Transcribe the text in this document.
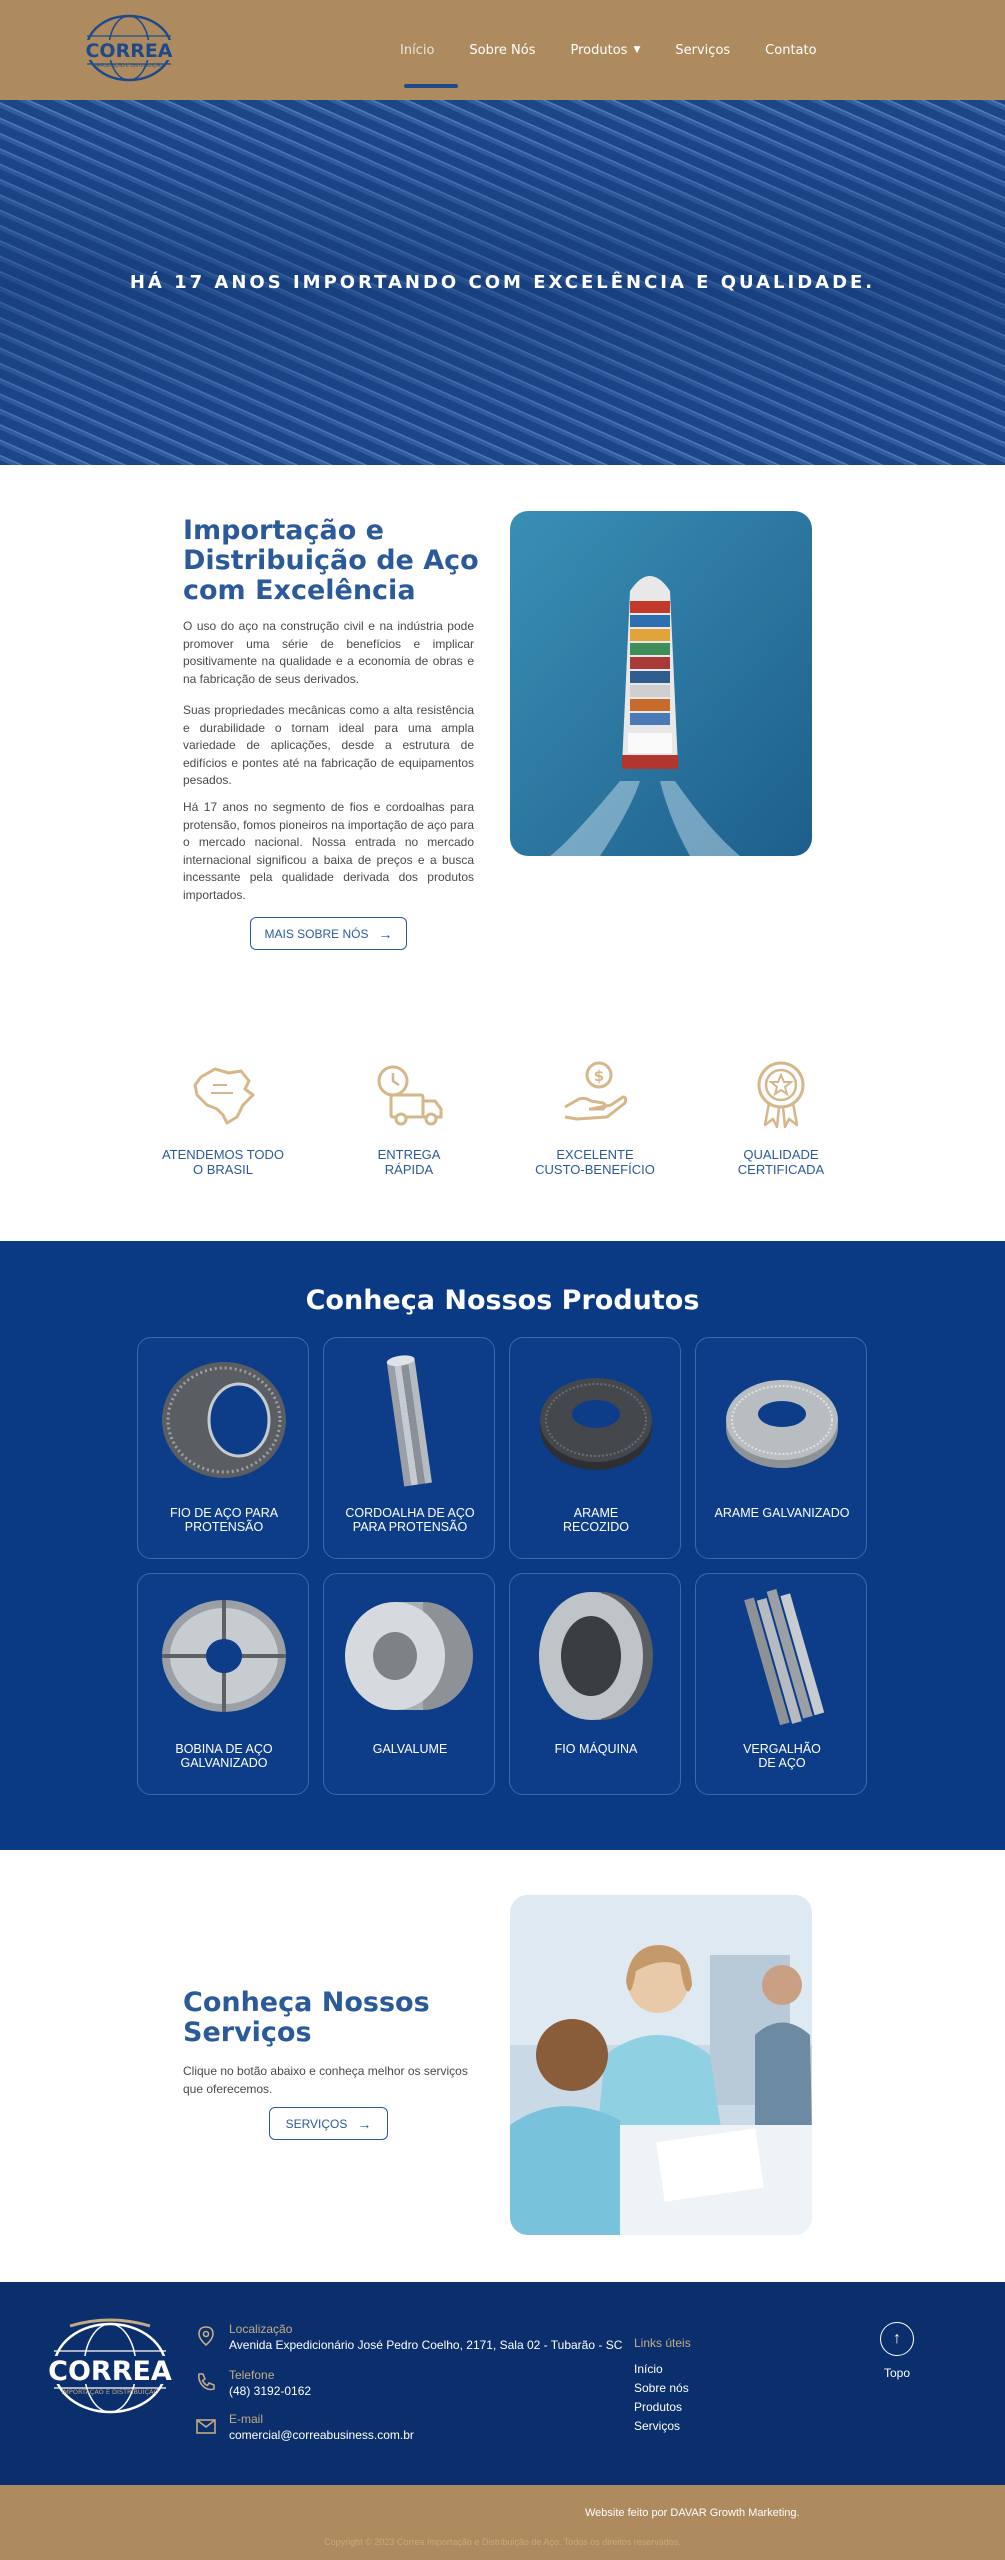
CORREA
IMPORTAÇÃO E DISTRIBUIÇÃO
Início	Sobre Nós	Produtos ▼	Serviços	Contato
HÁ 17 ANOS IMPORTANDO COM EXCELÊNCIA E QUALIDADE.
Importação e Distribuição de Aço com Excelência

O uso do aço na construção civil e na indústria pode promover uma série de benefícios e implicar positivamente na qualidade e a economia de obras e na fabricação de seus derivados.

Suas propriedades mecânicas como a alta resistência e durabilidade o tornam ideal para uma ampla variedade de aplicações, desde a estrutura de edifícios e pontes até na fabricação de equipamentos pesados.

Há 17 anos no segmento de fios e cordoalhas para protensão, fomos pioneiros na importação de aço para o mercado nacional. Nossa entrada no mercado internacional significou a baixa de preços e a busca incessante pela qualidade derivada dos produtos importados.

MAIS SOBRE NÓS →
ATENDEMOS TODO
O BRASIL
ENTREGA
RÁPIDA
$
EXCELENTE
CUSTO-BENEFÍCIO
QUALIDADE
CERTIFICADA
Conheça Nossos Produtos
FIO DE AÇO PARA
PROTENSÃO
CORDOALHA DE AÇO
PARA PROTENSÃO
ARAME
RECOZIDO
ARAME GALVANIZADO
BOBINA DE AÇO
GALVANIZADO
GALVALUME	FIO MÁQUINA	VERGALHÃO
DE AÇO
Conheça Nossos Serviços

Clique no botão abaixo e conheça melhor os serviços que oferecemos.

SERVIÇOS →
CORREA
IMPORTAÇÃO E DISTRIBUIÇÃO
Localização
Avenida Expedicionário José Pedro Coelho, 2171, Sala 02 - Tubarão - SC
Telefone
(48) 3192-0162
E-mail
comercial@correabusiness.com.br
Links úteis
Início
Sobre nós
Produtos
Serviços
↑
Topo
Website feito por DAVAR Growth Marketing.
Copyright © 2023 Correa Importação e Distribuição de Aço. Todos os direitos reservados.
